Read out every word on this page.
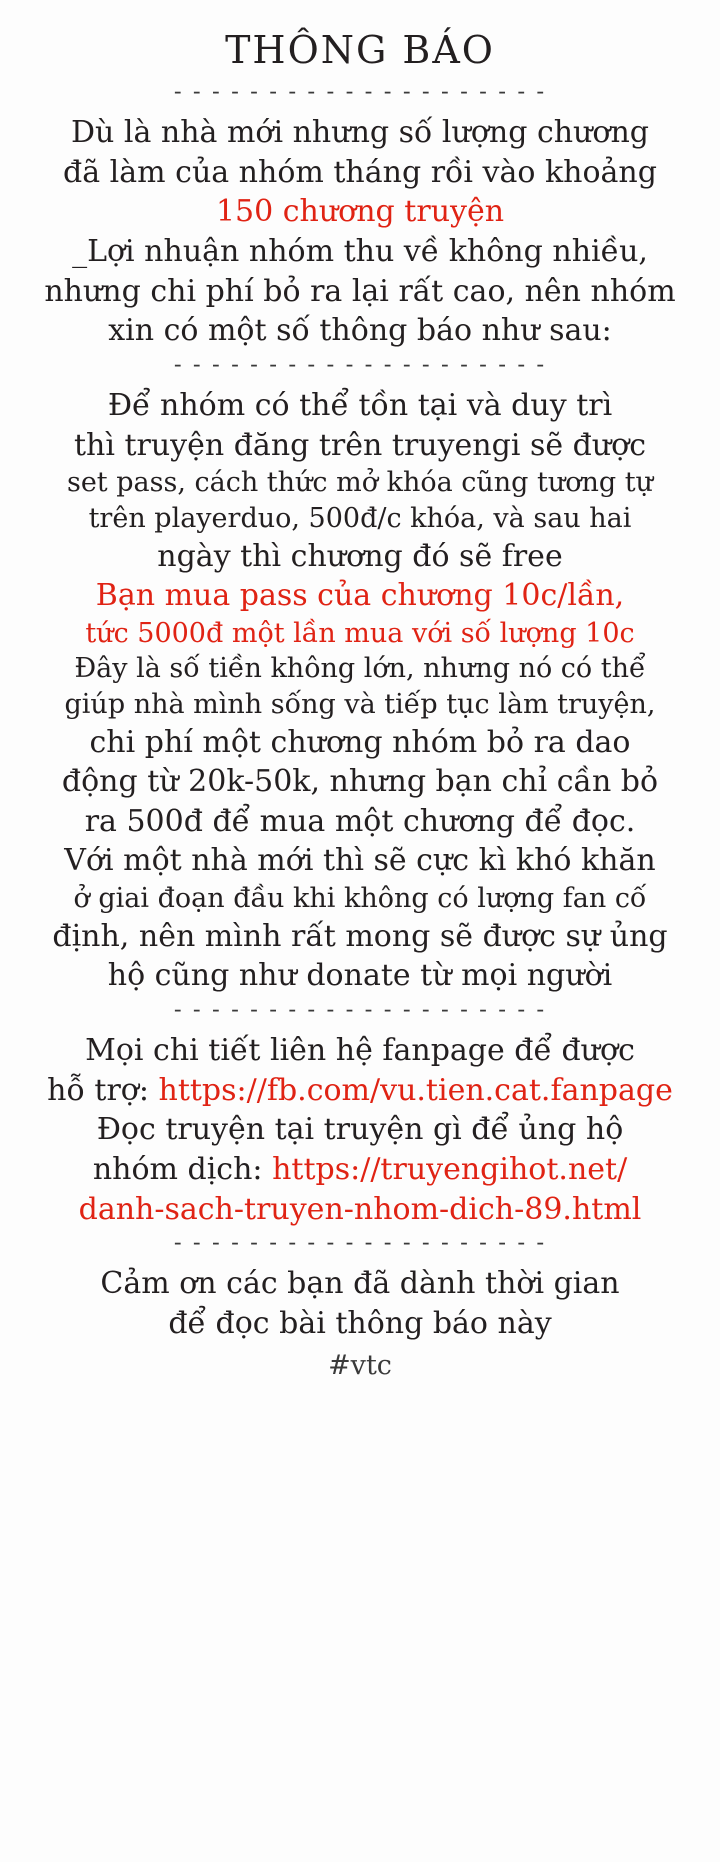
THÔNG BÁO
- - - - - - - - - - - - - - - - - - - -
Dù là nhà mới nhưng số lượng chương
đã làm của nhóm tháng rồi vào khoảng
150 chương truyện
_Lợi nhuận nhóm thu về không nhiều,
nhưng chi phí bỏ ra lại rất cao, nên nhóm
xin có một số thông báo như sau:
- - - - - - - - - - - - - - - - - - - -
Để nhóm có thể tồn tại và duy trì
thì truyện đăng trên truyengi sẽ được
set pass, cách thức mở khóa cũng tương tự
trên playerduo, 500đ/c khóa, và sau hai
ngày thì chương đó sẽ free
Bạn mua pass của chương 10c/lần,
tức 5000đ một lần mua với số lượng 10c
Đây là số tiền không lớn, nhưng nó có thể
giúp nhà mình sống và tiếp tục làm truyện,
chi phí một chương nhóm bỏ ra dao
động từ 20k-50k, nhưng bạn chỉ cần bỏ
ra 500đ để mua một chương để đọc.
Với một nhà mới thì sẽ cực kì khó khăn
ở giai đoạn đầu khi không có lượng fan cố
định, nên mình rất mong sẽ được sự ủng
hộ cũng như donate từ mọi người
- - - - - - - - - - - - - - - - - - - -
Mọi chi tiết liên hệ fanpage để được
hỗ trợ: https://fb.com/vu.tien.cat.fanpage
Đọc truyện tại truyện gì để ủng hộ
nhóm dịch: https://truyengihot.net/
danh-sach-truyen-nhom-dich-89.html
- - - - - - - - - - - - - - - - - - - -
Cảm ơn các bạn đã dành thời gian
để đọc bài thông báo này
#vtc
